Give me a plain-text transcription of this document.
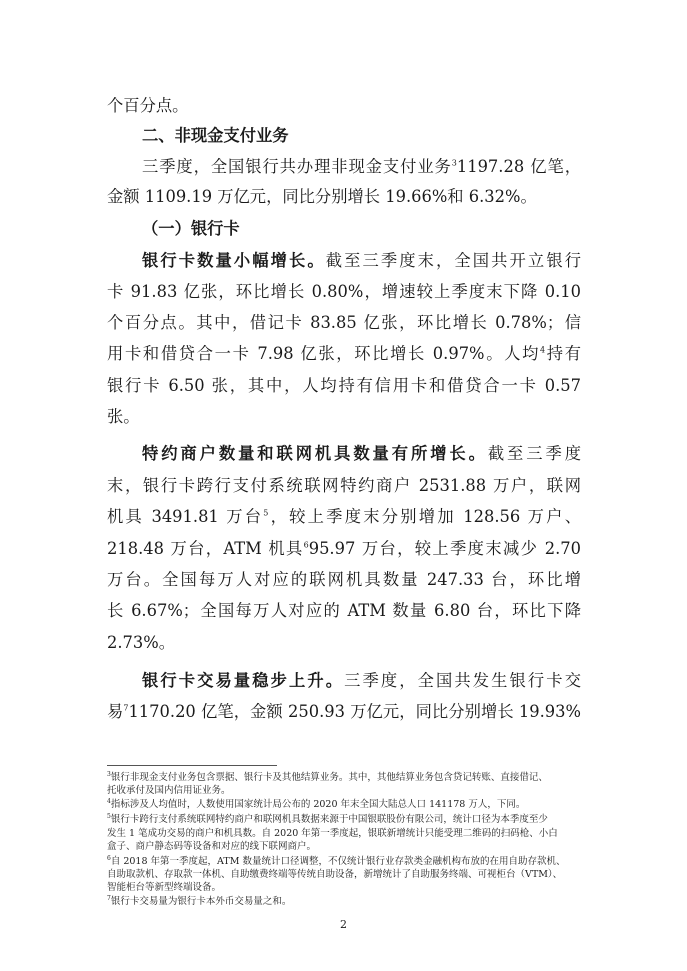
个百分点。
二、非现金支付业务
三季度，全国银行共办理非现金支付业务$^3$1197.28 亿笔，
金额 1109.19 万亿元，同比分别增长 19.66%和 6.32%。
（一）银行卡
银行卡数量小幅增长。截至三季度末，全国共开立银行
卡 91.83 亿张，环比增长 0.80%，增速较上季度末下降 0.10
个百分点。其中，借记卡 83.85 亿张，环比增长 0.78%；信
用卡和借贷合一卡 7.98 亿张，环比增长 0.97%。人均$^4$持有
银行卡 6.50 张，其中，人均持有信用卡和借贷合一卡 0.57
张。
特约商户数量和联网机具数量有所增长。截至三季度
末，银行卡跨行支付系统联网特约商户 2531.88 万户，联网
机具 3491.81 万台$^5$，较上季度末分别增加 128.56 万户、
218.48 万台，ATM 机具$^6$95.97 万台，较上季度末减少 2.70
万台。全国每万人对应的联网机具数量 247.33 台，环比增
长 6.67%；全国每万人对应的 ATM 数量 6.80 台，环比下降
2.73%。
银行卡交易量稳步上升。三季度，全国共发生银行卡交
易$^7$1170.20 亿笔，金额 250.93 万亿元，同比分别增长 19.93%
$^3$银行非现金支付业务包含票据、银行卡及其他结算业务。其中，其他结算业务包含贷记转账、直接借记、
托收承付及国内信用证业务。
$^4$指标涉及人均值时，人数使用国家统计局公布的 2020 年末全国大陆总人口 141178 万人，下同。
$^5$银行卡跨行支付系统联网特约商户和联网机具数据来源于中国银联股份有限公司，统计口径为本季度至少
发生 1 笔成功交易的商户和机具数。自 2020 年第一季度起，银联新增统计只能受理二维码的扫码枪、小白
盒子、商户静态码等设备和对应的线下联网商户。
$^6$自 2018 年第一季度起，ATM 数量统计口径调整，不仅统计银行业存款类金融机构布放的在用自助存款机、
自助取款机、存取款一体机、自助缴费终端等传统自助设备，新增统计了自助服务终端、可视柜台（VTM）、
智能柜台等新型终端设备。
$^7$银行卡交易量为银行卡本外币交易量之和。
2
